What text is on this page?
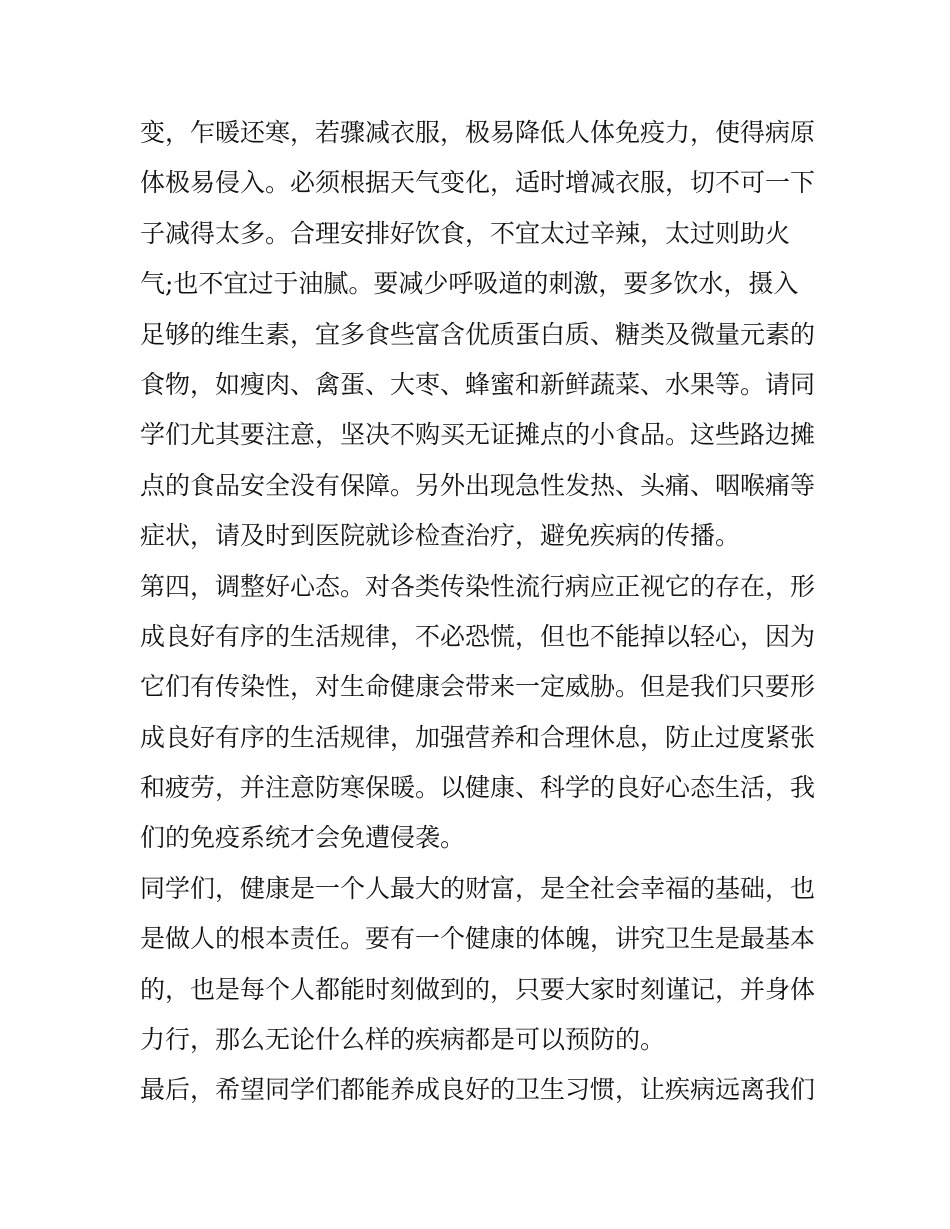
变，乍暖还寒，若骤减衣服，极易降低人体免疫力，使得病原
体极易侵入。必须根据天气变化，适时增减衣服，切不可一下
子减得太多。合理安排好饮食，不宜太过辛辣，太过则助火
气;也不宜过于油腻。要减少呼吸道的刺激，要多饮水，摄入
足够的维生素，宜多食些富含优质蛋白质、糖类及微量元素的
食物，如瘦肉、禽蛋、大枣、蜂蜜和新鲜蔬菜、水果等。请同
学们尤其要注意，坚决不购买无证摊点的小食品。这些路边摊
点的食品安全没有保障。另外出现急性发热、头痛、咽喉痛等
症状，请及时到医院就诊检查治疗，避免疾病的传播。
第四，调整好心态。对各类传染性流行病应正视它的存在，形
成良好有序的生活规律，不必恐慌，但也不能掉以轻心，因为
它们有传染性，对生命健康会带来一定威胁。但是我们只要形
成良好有序的生活规律，加强营养和合理休息，防止过度紧张
和疲劳，并注意防寒保暖。以健康、科学的良好心态生活，我
们的免疫系统才会免遭侵袭。
同学们，健康是一个人最大的财富，是全社会幸福的基础，也
是做人的根本责任。要有一个健康的体魄，讲究卫生是最基本
的，也是每个人都能时刻做到的，只要大家时刻谨记，并身体
力行，那么无论什么样的疾病都是可以预防的。
最后，希望同学们都能养成良好的卫生习惯，让疾病远离我们
